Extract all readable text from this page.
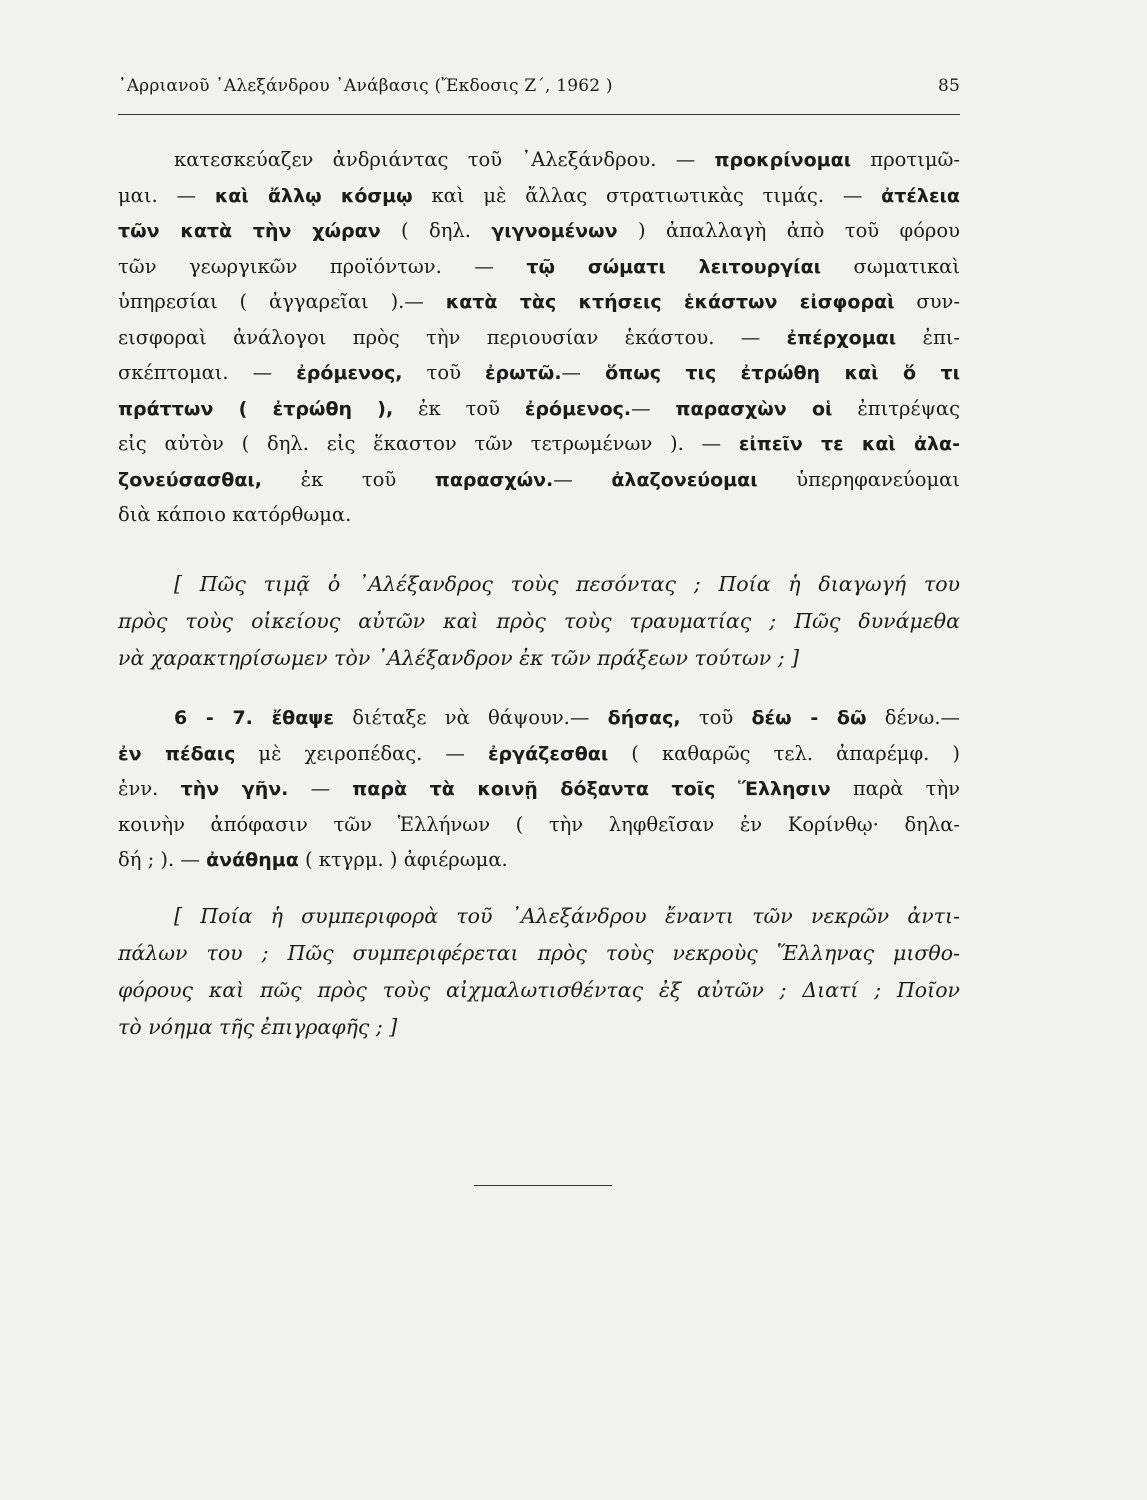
᾿Αρριανοῦ ᾿Αλεξάνδρου ᾿Ανάβασις (Ἔκδοσις Ζ΄, 1962 )	85
κατεσκεύαζεν ἀνδριάντας τοῦ ᾿Αλεξάνδρου. — προκρίνομαι προτιμῶ-
μαι. — καὶ ἄλλῳ κόσμῳ καὶ μὲ ἄλλας στρατιωτικὰς τιμάς. — ἀτέλεια
τῶν κατὰ τὴν χώραν ( δηλ. γιγνομένων ) ἀπαλλαγὴ ἀπὸ τοῦ φόρου
τῶν γεωργικῶν προϊόντων. — τῷ σώματι λειτουργίαι σωματικαὶ
ὑπηρεσίαι ( ἀγγαρεῖαι ).— κατὰ τὰς κτήσεις ἑκάστων εἰσφοραὶ συν-
εισφοραὶ ἀνάλογοι πρὸς τὴν περιουσίαν ἑκάστου. — ἐπέρχομαι ἐπι-
σκέπτομαι. — ἐρόμενος, τοῦ ἐρωτῶ.— ὅπως τις ἐτρώθη καὶ ὅ τι
πράττων ( ἐτρώθη ), ἐκ τοῦ ἐρόμενος.— παρασχὼν οἱ ἐπιτρέψας
εἰς αὐτὸν ( δηλ. εἰς ἕκαστον τῶν τετρωμένων ). — εἰπεῖν τε καὶ ἀλα-
ζονεύσασθαι, ἐκ τοῦ παρασχών.— ἀλαζονεύομαι ὑπερηφανεύομαι
διὰ κάποιο κατόρθωμα.
[ Πῶς τιμᾷ ὁ ᾿Αλέξανδρος τοὺς πεσόντας ; Ποία ἡ διαγωγή του
πρὸς τοὺς οἰκείους αὐτῶν καὶ πρὸς τοὺς τραυματίας ; Πῶς δυνάμεθα
νὰ χαρακτηρίσωμεν τὸν ᾿Αλέξανδρον ἐκ τῶν πράξεων τούτων ; ]
6 - 7. ἔθαψε διέταξε νὰ θάψουν.— δήσας, τοῦ δέω - δῶ δένω.—
ἐν πέδαις μὲ χειροπέδας. — ἐργάζεσθαι ( καθαρῶς τελ. ἀπαρέμφ. )
ἐνν. τὴν γῆν. — παρὰ τὰ κοινῇ δόξαντα τοῖς Ἕλλησιν παρὰ τὴν
κοινὴν ἀπόφασιν τῶν Ἑλλήνων ( τὴν ληφθεῖσαν ἐν Κορίνθῳ· δηλα-
δή ; ). — ἀνάθημα ( κτγρμ. ) ἀφιέρωμα.
[ Ποία ἡ συμπεριφορὰ τοῦ ᾿Αλεξάνδρου ἔναντι τῶν νεκρῶν ἀντι-
πάλων του ; Πῶς συμπεριφέρεται πρὸς τοὺς νεκροὺς Ἕλληνας μισθο-
φόρους καὶ πῶς πρὸς τοὺς αἰχμαλωτισθέντας ἐξ αὐτῶν ; Διατί ; Ποῖον
τὸ νόημα τῆς ἐπιγραφῆς ; ]
